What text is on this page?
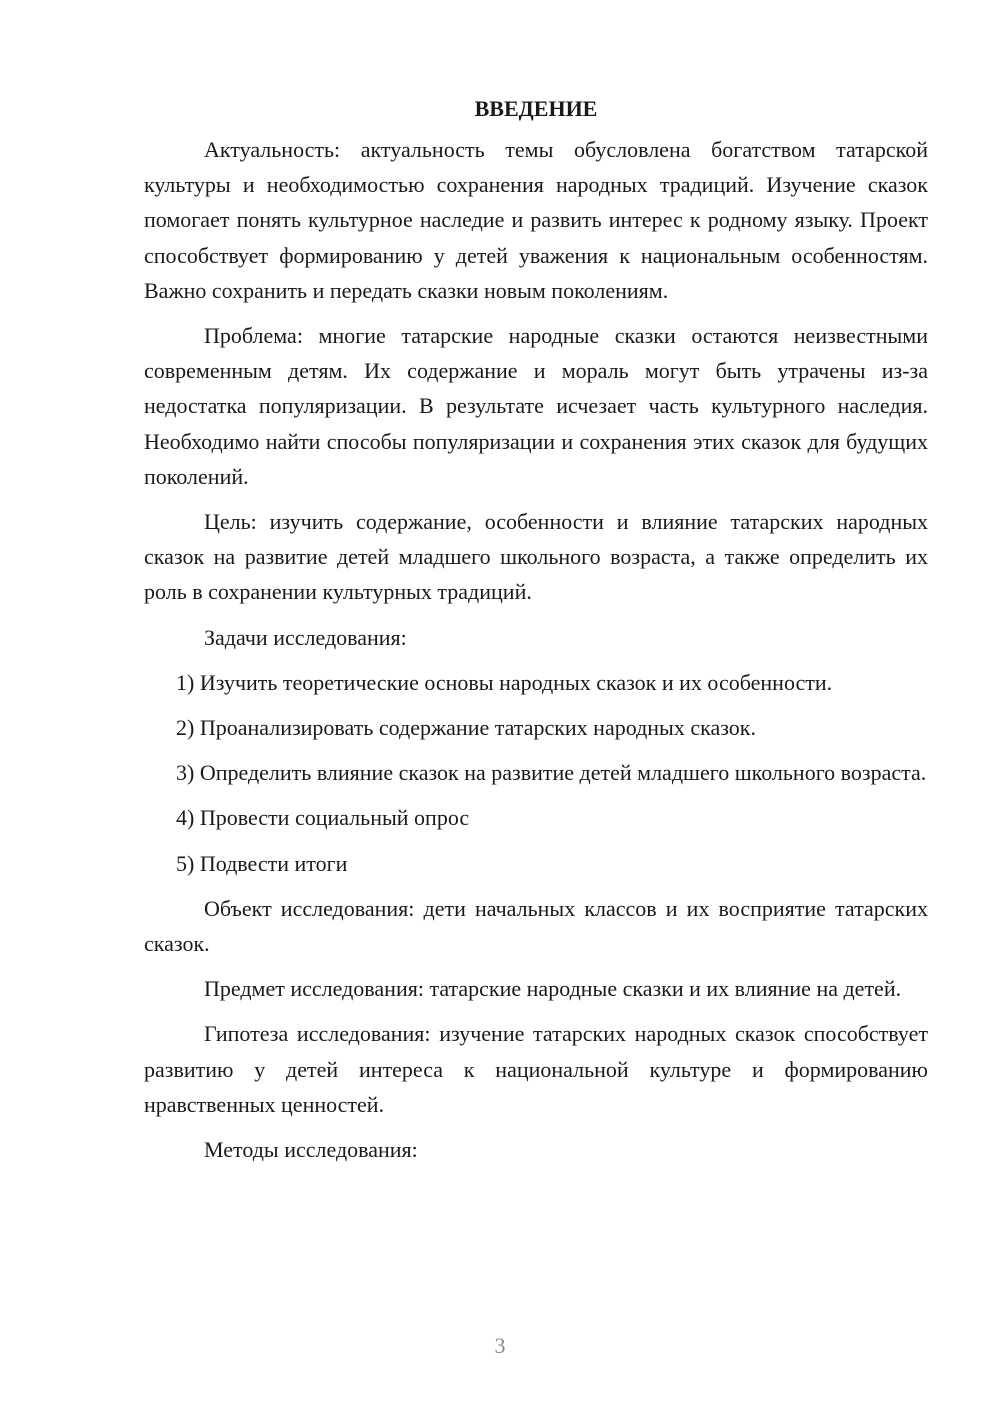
ВВЕДЕНИЕ

Актуальность: актуальность темы обусловлена богатством татарской культуры и необходимостью сохранения народных традиций. Изучение сказок помогает понять культурное наследие и развить интерес к родному языку. Проект способствует формированию у детей уважения к национальным особенностям. Важно сохранить и передать сказки новым поколениям.

Проблема: многие татарские народные сказки остаются неизвестными современным детям. Их содержание и мораль могут быть утрачены из-за недостатка популяризации. В результате исчезает часть культурного наследия. Необходимо найти способы популяризации и сохранения этих сказок для будущих поколений.

Цель: изучить содержание, особенности и влияние татарских народных сказок на развитие детей младшего школьного возраста, а также определить их роль в сохранении культурных традиций.

Задачи исследования:

1) Изучить теоретические основы народных сказок и их особенности.

2) Проанализировать содержание татарских народных сказок.

3) Определить влияние сказок на развитие детей младшего школьного возраста.

4) Провести социальный опрос

5) Подвести итоги

Объект исследования: дети начальных классов и их восприятие татарских сказок.

Предмет исследования: татарские народные сказки и их влияние на детей.

Гипотеза исследования: изучение татарских народных сказок способствует развитию у детей интереса к национальной культуре и формированию нравственных ценностей.

Методы исследования:

3
